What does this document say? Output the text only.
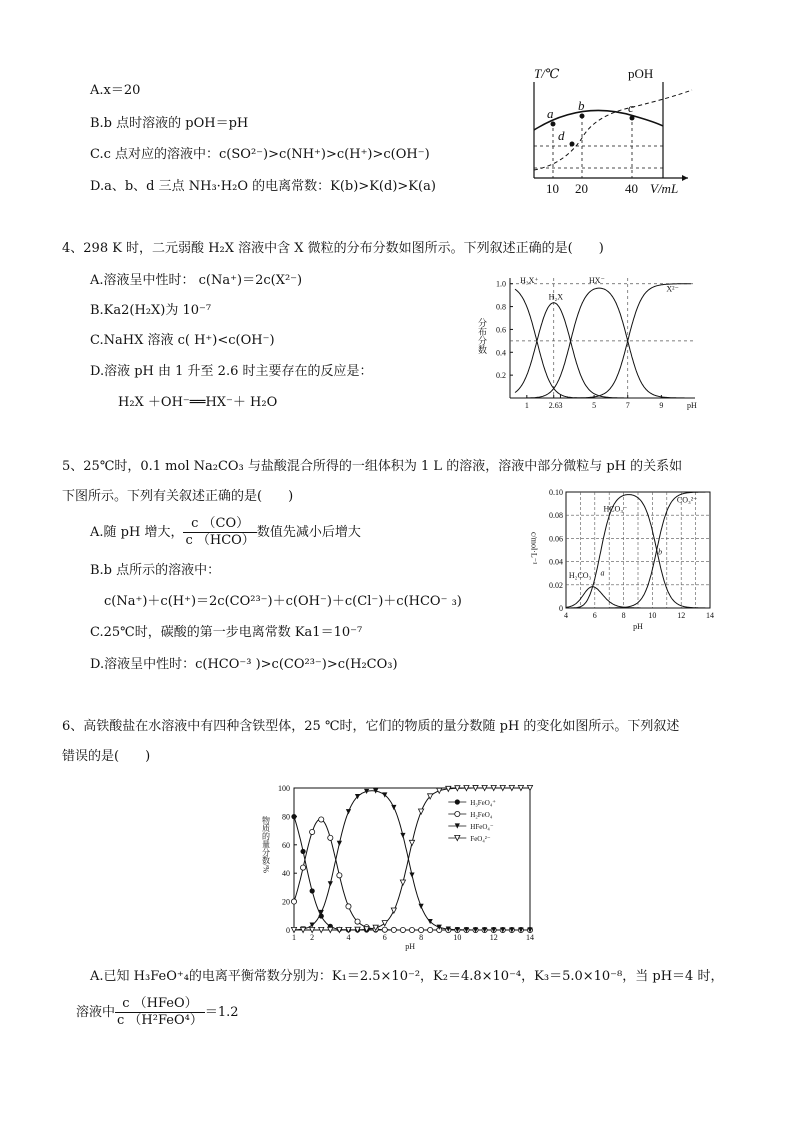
A.x＝20
B.b 点时溶液的 pOH＝pH
C.c 点对应的溶液中：c(SO²⁻)>c(NH⁺)>c(H⁺)>c(OH⁻)
D.a、b、d 三点 NH₃·H₂O 的电离常数：K(b)>K(d)>K(a)
T/℃	pOH
a
b	c
d
10 20	40 V/mL
4、298 K 时，二元弱酸 H₂X 溶液中含 X 微粒的分布分数如图所示。下列叙述正确的是(　　)
A.溶液呈中性时： c(Na⁺)＝2c(X²⁻)
B.Ka2(H₂X)为 10⁻⁷
C.NaHX 溶液 c( H⁺)<c(OH⁻)
D.溶液 pH 由 1 升至 2.6 时主要存在的反应是：
H₂X ＋OH⁻══HX⁻＋ H₂O
0.2
0.4
0.6
0.8
1.0
1 2.6 3	5	7	9	pH
分布分数
H₃X⁺
H₂X
HX⁻
X²⁻
5、25℃时，0.1 mol Na₂CO₃ 与盐酸混合所得的一组体积为 1 L 的溶液，溶液中部分微粒与 pH 的关系如
下图所示。下列有关叙述正确的是(　　)
A.随 pH 增大， $\frac{c (CO)}{\text{c （HCO）}}$ 数值先减小后增大
B.b 点所示的溶液中：
c(Na⁺)＋c(H⁺)＝2c(CO²³⁻)＋c(OH⁻)＋c(Cl⁻)＋c(HCO⁻ ₃)
C.25℃时，碳酸的第一步电离常数 Ka1＝10⁻⁷
D.溶液呈中性时：c(HCO⁻³ )>c(CO²³⁻)>c(H₂CO₃)
0
0.02
0.04
0.06
0.08
0.10
4	6	8	10	12	14
pH
c/mol·L⁻¹
H₂CO₃
HCO₃⁻
CO₃²⁻
a
b
6、高铁酸盐在水溶液中有四种含铁型体，25 ℃时，它们的物质的量分数随 pH 的变化如图所示。下列叙述
错误的是(　　)
0
20
40
60
80
100
1 2	4	6	8	10	12	14
pH
物质的量分数/%
H₃FeO₄⁺
H₂FeO₄
HFeO₄⁻
FeO₄²⁻
A.已知 H₃FeO⁺₄的电离平衡常数分别为：K₁＝2.5×10⁻²，K₂＝4.8×10⁻⁴，K₃＝5.0×10⁻⁸，当 pH＝4 时，
溶液中 $\frac{\text{c （HFeO）}}{\text{c （H²FeO⁴）}} =1.2$
